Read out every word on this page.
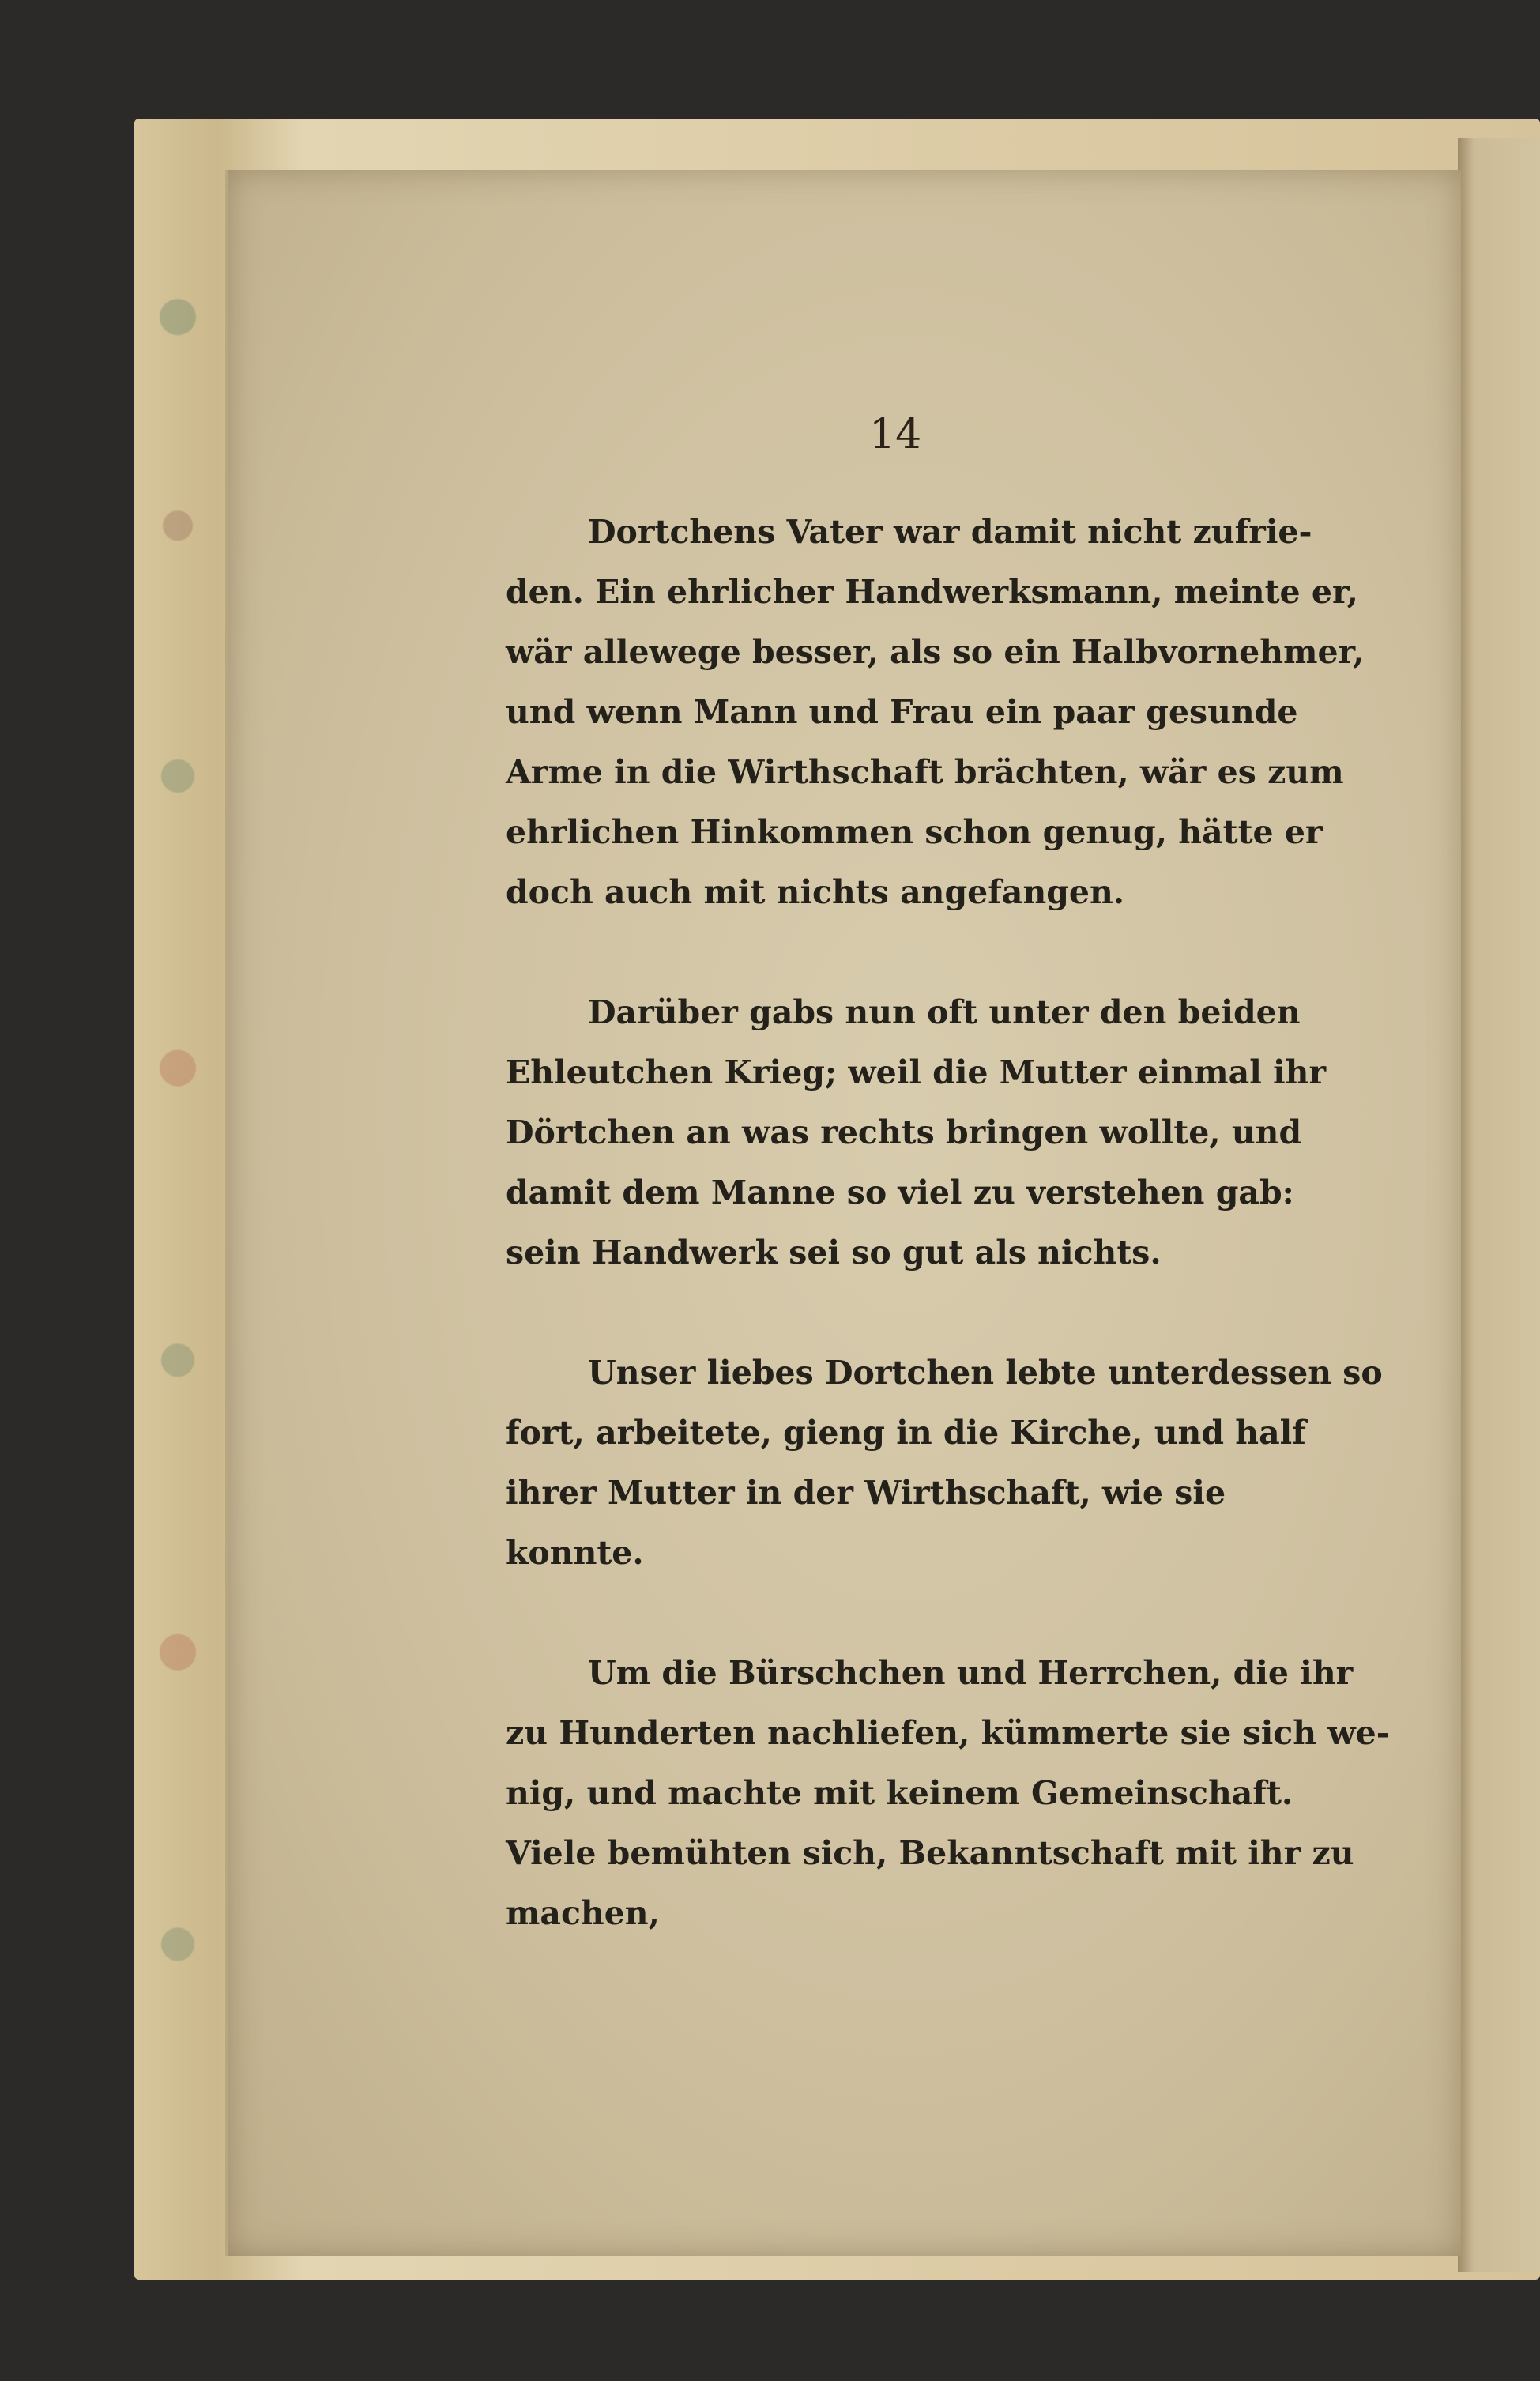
14
Dortchens Vater war damit nicht zufrie-
den. Ein ehrlicher Handwerksmann, meinte er,
wär allewege besser, als so ein Halbvornehmer,
und wenn Mann und Frau ein paar gesunde
Arme in die Wirthschaft brächten, wär es zum
ehrlichen Hinkommen schon genug, hätte er
doch auch mit nichts angefangen.
Darüber gabs nun oft unter den beiden
Ehleutchen Krieg; weil die Mutter einmal ihr
Dörtchen an was rechts bringen wollte, und
damit dem Manne so viel zu verstehen gab:
sein Handwerk sei so gut als nichts.
Unser liebes Dortchen lebte unterdessen so
fort, arbeitete, gieng in die Kirche, und half
ihrer Mutter in der Wirthschaft, wie sie
konnte.
Um die Bürschchen und Herrchen, die ihr
zu Hunderten nachliefen, kümmerte sie sich we-
nig, und machte mit keinem Gemeinschaft.
Viele bemühten sich, Bekanntschaft mit ihr zu
machen,
